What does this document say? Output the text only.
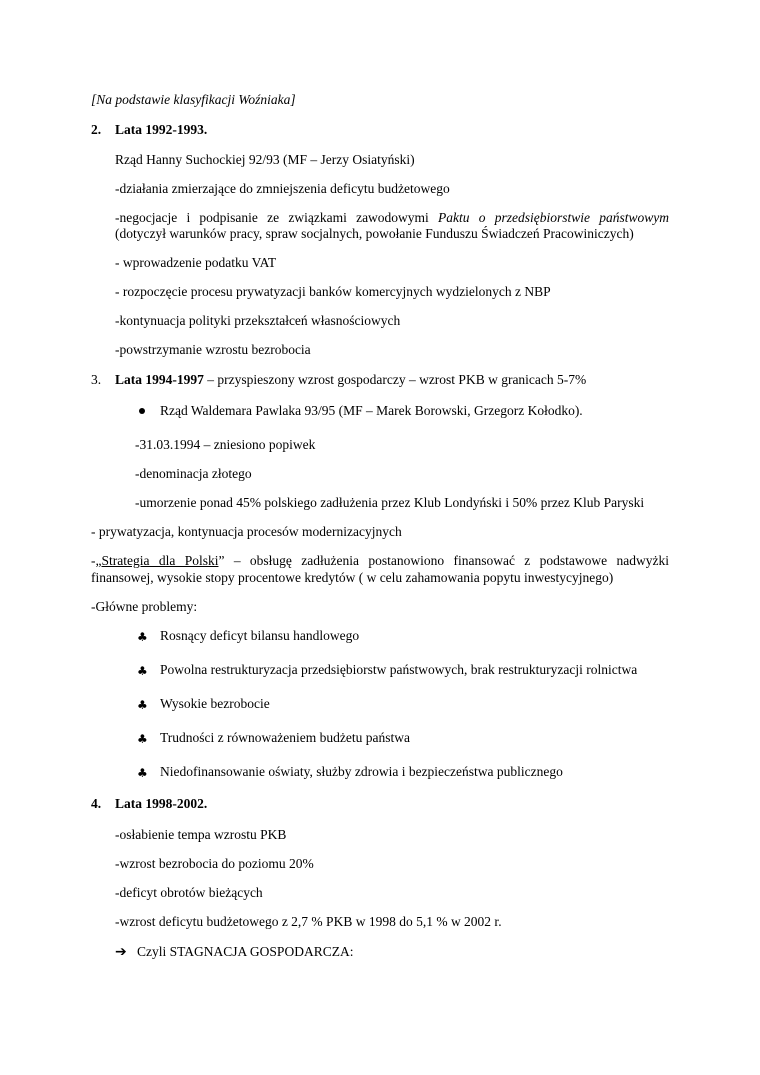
[Na podstawie klasyfikacji Woźniaka]
2. Lata 1992-1993.
Rząd Hanny Suchockiej 92/93 (MF – Jerzy Osiatyński)
-działania zmierzające do zmniejszenia deficytu budżetowego
-negocjacje i podpisanie ze związkami zawodowymi Paktu o przedsiębiorstwie państwowym
(dotyczył warunków pracy, spraw socjalnych, powołanie Funduszu Świadczeń Pracowiniczych)
- wprowadzenie podatku VAT
- rozpoczęcie procesu prywatyzacji banków komercyjnych wydzielonych z NBP
-kontynuacja polityki przekształceń własnościowych
-powstrzymanie wzrostu bezrobocia
3. Lata 1994-1997 – przyspieszony wzrost gospodarczy – wzrost PKB w granicach 5-7%
Rząd Waldemara Pawlaka 93/95 (MF – Marek Borowski, Grzegorz Kołodko).
-31.03.1994 – zniesiono popiwek
-denominacja złotego
-umorzenie ponad 45% polskiego zadłużenia przez Klub Londyński i 50% przez Klub Paryski
- prywatyzacja, kontynuacja procesów modernizacyjnych
-„Strategia dla Polski” – obsługę zadłużenia postanowiono finansować z podstawowe nadwyżki
finansowej, wysokie stopy procentowe kredytów ( w celu zahamowania popytu inwestycyjnego)
-Główne problemy:
♣ Rosnący deficyt bilansu handlowego
♣ Powolna restrukturyzacja przedsiębiorstw państwowych, brak restrukturyzacji rolnictwa
♣ Wysokie bezrobocie
♣ Trudności z równoważeniem budżetu państwa
♣ Niedofinansowanie oświaty, służby zdrowia i bezpieczeństwa publicznego
4. Lata 1998-2002.
-osłabienie tempa wzrostu PKB
-wzrost bezrobocia do poziomu 20%
-deficyt obrotów bieżących
-wzrost deficytu budżetowego z 2,7 % PKB w 1998 do 5,1 % w 2002 r.
➔ Czyli STAGNACJA GOSPODARCZA:
